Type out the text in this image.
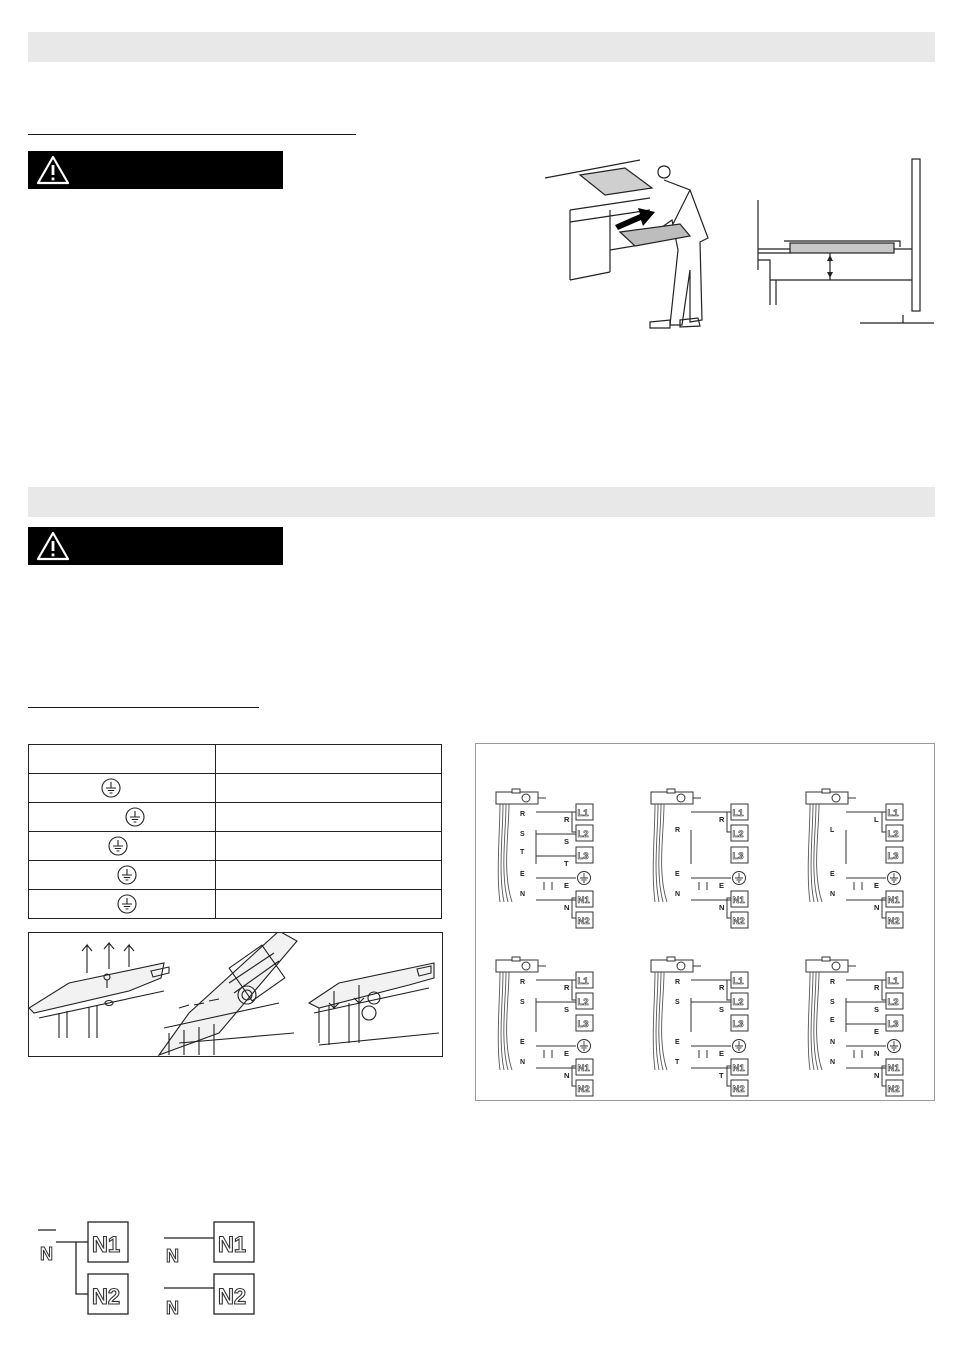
R
S
T
E
N
L1
L2
L3
N1
N2
R
S
T
E
N
R
E
N
L1
L2
L3
N1
N2
R
E
N
L
E
N
L1
L2
L3
N1
N2
L
E
N
R
S
E
N
L1
L2
L3
N1
N2
R
S
E
N
R
S
E
T
L1
L2
L3
N1
N2
R
S
E
T
R
S
E
N
N
L1
L2
L3
N1
N2
R
S
E
N
N
N N1
N2
N N1
N N2
